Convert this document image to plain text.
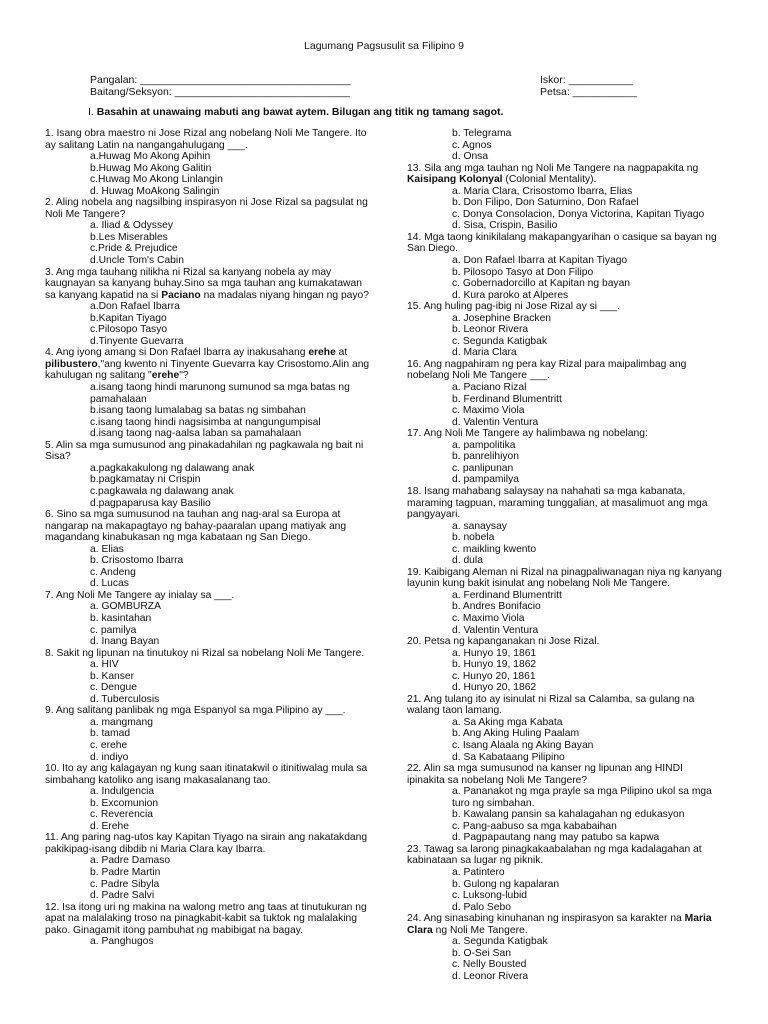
Lagumang Pagsusulit sa Filipino 9
Pangalan: ____________________________________
Baitang/Seksyon: ______________________________
Iskor: ___________
Petsa: ___________
I. Basahin at unawaing mabuti ang bawat aytem. Bilugan ang titik ng tamang sagot.

1. Isang obra maestro ni Jose Rizal ang nobelang Noli Me Tangere. Ito ay salitang Latin na nangangahulugang ___.

a.Huwag Mo Akong Apihin

b.Huwag Mo Akong Galitin

c.Huwag Mo Akong Linlangin

d. Huwag MoAkong Salingin

2. Aling nobela ang nagsilbing inspirasyon ni Jose Rizal sa pagsulat ng Noli Me Tangere?

a. Iliad & Odyssey

b.Les Miserables

c.Pride & Prejudice

d.Uncle Tom's Cabin

3. Ang mga tauhang nilikha ni Rizal sa kanyang nobela ay may kaugnayan sa kanyang buhay.Sino sa mga tauhan ang kumakatawan sa kanyang kapatid na si Paciano na madalas niyang hingan ng payo?

a.Don Rafael Ibarra

b.Kapitan Tiyago

c.Pilosopo Tasyo

d.Tinyente Guevarra

4. Ang iyong amang si Don Rafael Ibarra ay inakusahang erehe at pilibustero,"ang kwento ni Tinyente Guevarra kay Crisostomo.Alin ang kahulugan ng salitang "erehe"?

a.isang taong hindi marunong sumunod sa mga batas ng pamahalaan

b.isang taong lumalabag sa batas ng simbahan

c.isang taong hindi nagsisimba at nangungumpisal

d.isang taong nag-aalsa laban sa pamahalaan

5. Alin sa mga sumusunod ang pinakadahilan ng pagkawala ng bait ni Sisa?

a.pagkakakulong ng dalawang anak

b.pagkamatay ni Crispin

c.pagkawala ng dalawang anak

d.pagpaparusa kay Basilio

6. Sino sa mga sumusunod na tauhan ang nag-aral sa Europa at nangarap na makapagtayo ng bahay-paaralan upang matiyak ang magandang kinabukasan ng mga kabataan ng San Diego.

a. Elias

b. Crisostomo Ibarra

c. Andeng

d. Lucas

7. Ang Noli Me Tangere ay inialay sa ___.

a. GOMBURZA

b. kasintahan

c. pamilya

d. Inang Bayan

8. Sakit ng lipunan na tinutukoy ni Rizal sa nobelang Noli Me Tangere.

a. HIV

b. Kanser

c. Dengue

d. Tuberculosis

9. Ang salitang panlibak ng mga Espanyol sa mga Pilipino ay ___.

a. mangmang

b. tamad

c. erehe

d. indiyo

10. Ito ay ang kalagayan ng kung saan itinatakwil o itinitiwalag mula sa simbahang katoliko ang isang makasalanang tao.

a. Indulgencia

b. Excomunion

c. Reverencia

d. Erehe

11. Ang paring nag-utos kay Kapitan Tiyago na sirain ang nakatakdang pakikipag-isang dibdib ni Maria Clara kay Ibarra.

a. Padre Damaso

b. Padre Martin

c. Padre Sibyla

d. Padre Salvi

12. Isa itong uri ng makina na walong metro ang taas at tinutukuran ng apat na malalaking troso na pinagkabit-kabit sa tuktok ng malalaking pako. Ginagamit itong pambuhat ng mabibigat na bagay.

a. Panghugos

b. Telegrama

c. Agnos

d. Onsa

13. Sila ang mga tauhan ng Noli Me Tangere na nagpapakita ng Kaisipang Kolonyal (Colonial Mentality).

a. Maria Clara, Crisostomo Ibarra, Elias

b. Don Filipo, Don Saturnino, Don Rafael

c. Donya Consolacion, Donya Victorina, Kapitan Tiyago

d. Sisa, Crispin, Basilio

14. Mga taong kinikilalang makapangyarihan o casique sa bayan ng San Diego.

a. Don Rafael Ibarra at Kapitan Tiyago

b. Pilosopo Tasyo at Don Filipo

c. Gobernadorcillo at Kapitan ng bayan

d. Kura paroko at Alperes

15. Ang huling pag-ibig ni Jose Rizal ay si ___.

a. Josephine Bracken

b. Leonor Rivera

c. Segunda Katigbak

d. Maria Clara

16. Ang nagpahiram ng pera kay Rizal para maipalimbag ang nobelang Noli Me Tangere ___.

a. Paciano Rizal

b. Ferdinand Blumentritt

c. Maximo Viola

d. Valentin Ventura

17. Ang Noli Me Tangere ay halimbawa ng nobelang:

a. pampolitika

b. panrelihiyon

c. panlipunan

d. pampamilya

18. Isang mahabang salaysay na nahahati sa mga kabanata, maraming tagpuan, maraming tunggalian, at masalimuot ang mga pangyayari.

a. sanaysay

b. nobela

c. maikling kwento

d. dula

19. Kaibigang Aleman ni Rizal na pinagpaliwanagan niya ng kanyang layunin kung bakit isinulat ang nobelang Noli Me Tangere.

a. Ferdinand Blumentritt

b. Andres Bonifacio

c. Maximo Viola

d. Valentin Ventura

20. Petsa ng kapanganakan ni Jose Rizal.

a. Hunyo 19, 1861

b. Hunyo 19, 1862

c. Hunyo 20, 1861

d. Hunyo 20, 1862

21. Ang tulang ito ay isinulat ni Rizal sa Calamba, sa gulang na walang taon lamang.

a. Sa Aking mga Kabata

b. Ang Aking Huling Paalam

c. Isang Alaala ng Aking Bayan

d. Sa Kabataang Pilipino

22. Alin sa mga sumusunod na kanser ng lipunan ang HINDI ipinakita sa nobelang Noli Me Tangere?

a. Pananakot ng mga prayle sa mga Pilipino ukol sa mga turo ng simbahan.

b. Kawalang pansin sa kahalagahan ng edukasyon

c. Pang-aabuso sa mga kababaihan

d. Pagpapautang nang may patubo sa kapwa

23. Tawag sa larong pinagkakaabalahan ng mga kadalagahan at kabinataan sa lugar ng piknik.

a. Patintero

b. Gulong ng kapalaran

c. Luksong-lubid

d. Palo Sebo

24. Ang sinasabing kinuhanan ng inspirasyon sa karakter na Maria Clara ng Noli Me Tangere.

a. Segunda Katigbak

b. O-Sei San

c. Nelly Bousted

d. Leonor Rivera
